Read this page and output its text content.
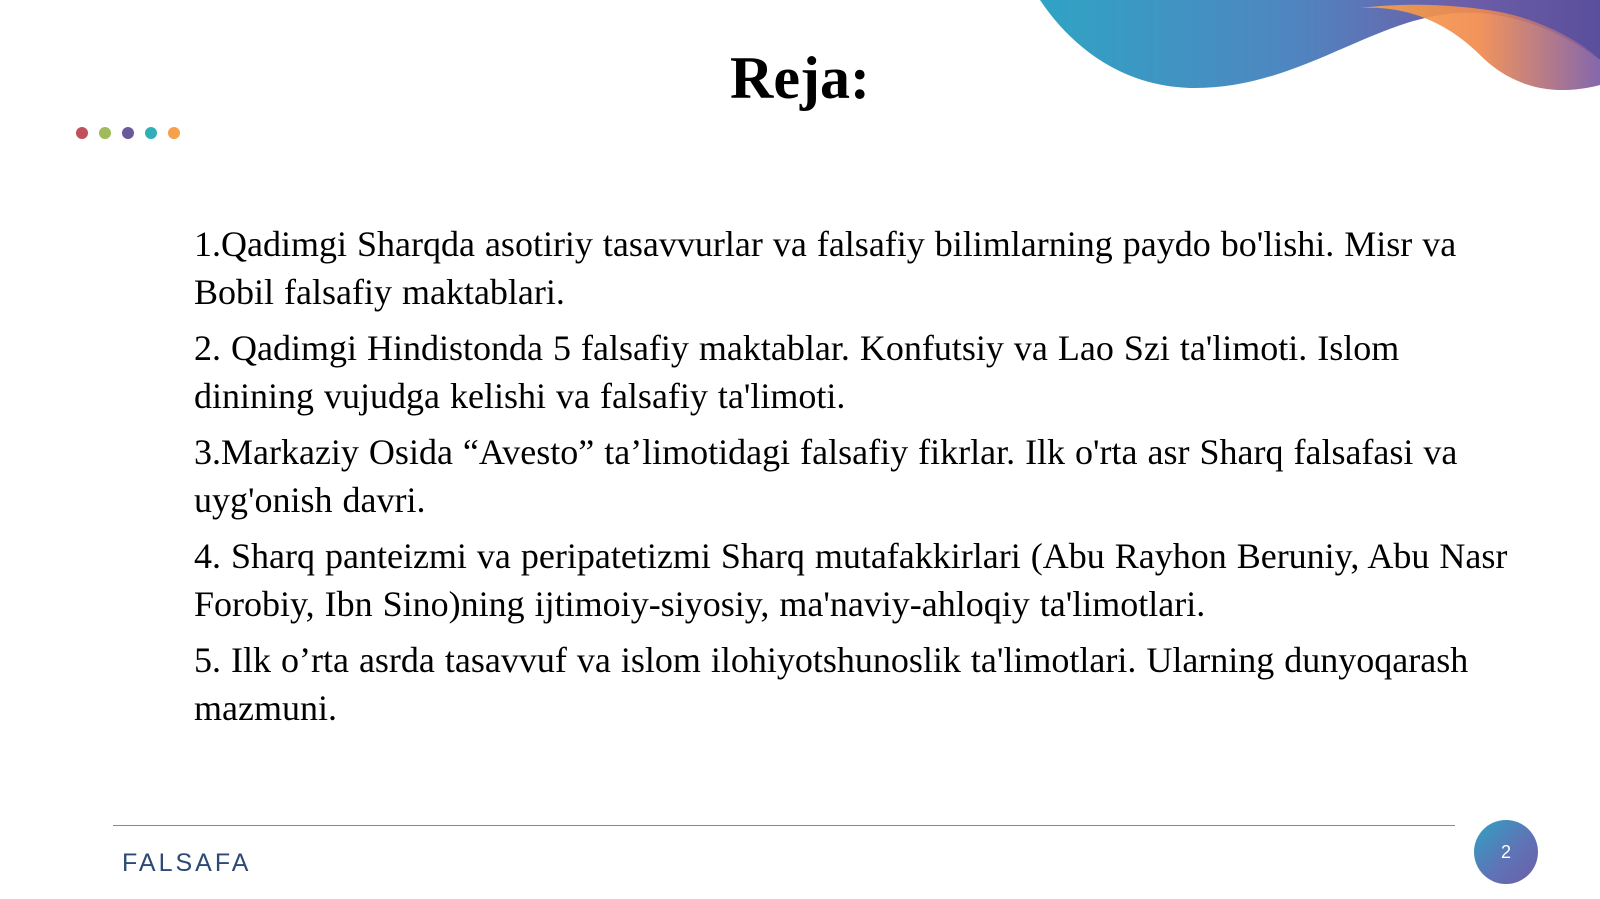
Reja:

1.Qadimgi Sharqda asotiriy tasavvurlar va falsafiy bilimlarning paydo bo'lishi. Misr va Bobil falsafiy maktablari.

2. Qadimgi Hindistonda 5 falsafiy maktablar. Konfutsiy va Lao Szi ta'limoti. Islom dinining vujudga kelishi va falsafiy ta'limoti.

3.Markaziy Osida “Avesto” ta’limotidagi falsafiy fikrlar. Ilk o'rta asr Sharq falsafasi va uyg'onish davri.

4. Sharq panteizmi va peripatetizmi Sharq mutafakkirlari (Abu Rayhon Beruniy, Abu Nasr Forobiy, Ibn Sino)ning ijtimoiy-siyosiy, ma'naviy-ahloqiy ta'limotlari.

5. Ilk o’rta asrda tasavvuf va islom ilohiyotshunoslik ta'limotlari. Ularning dunyoqarash mazmuni.

FALSAFA	2
